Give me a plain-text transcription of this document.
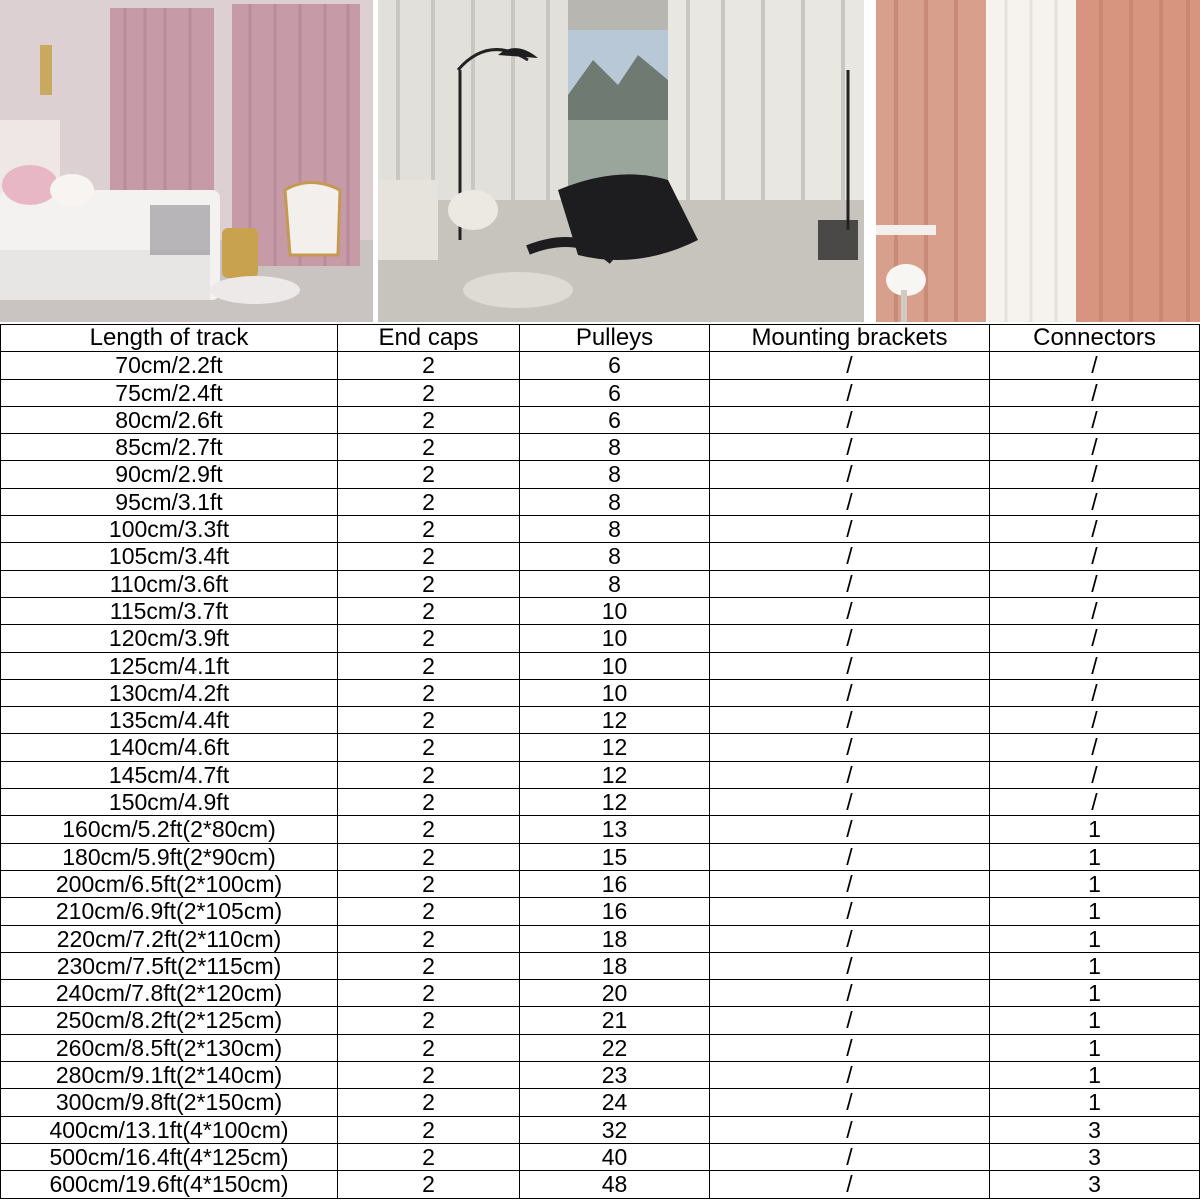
Length of track	End caps	Pulleys	Mounting brackets	Connectors
70cm/2.2ft	2	6	/	/
75cm/2.4ft	2	6	/	/
80cm/2.6ft	2	6	/	/
85cm/2.7ft	2	8	/	/
90cm/2.9ft	2	8	/	/
95cm/3.1ft	2	8	/	/
100cm/3.3ft	2	8	/	/
105cm/3.4ft	2	8	/	/
110cm/3.6ft	2	8	/	/
115cm/3.7ft	2	10	/	/
120cm/3.9ft	2	10	/	/
125cm/4.1ft	2	10	/	/
130cm/4.2ft	2	10	/	/
135cm/4.4ft	2	12	/	/
140cm/4.6ft	2	12	/	/
145cm/4.7ft	2	12	/	/
150cm/4.9ft	2	12	/	/
160cm/5.2ft(2*80cm)	2	13	/	1
180cm/5.9ft(2*90cm)	2	15	/	1
200cm/6.5ft(2*100cm)	2	16	/	1
210cm/6.9ft(2*105cm)	2	16	/	1
220cm/7.2ft(2*110cm)	2	18	/	1
230cm/7.5ft(2*115cm)	2	18	/	1
240cm/7.8ft(2*120cm)	2	20	/	1
250cm/8.2ft(2*125cm)	2	21	/	1
260cm/8.5ft(2*130cm)	2	22	/	1
280cm/9.1ft(2*140cm)	2	23	/	1
300cm/9.8ft(2*150cm)	2	24	/	1
400cm/13.1ft(4*100cm)	2	32	/	3
500cm/16.4ft(4*125cm)	2	40	/	3
600cm/19.6ft(4*150cm)	2	48	/	3
